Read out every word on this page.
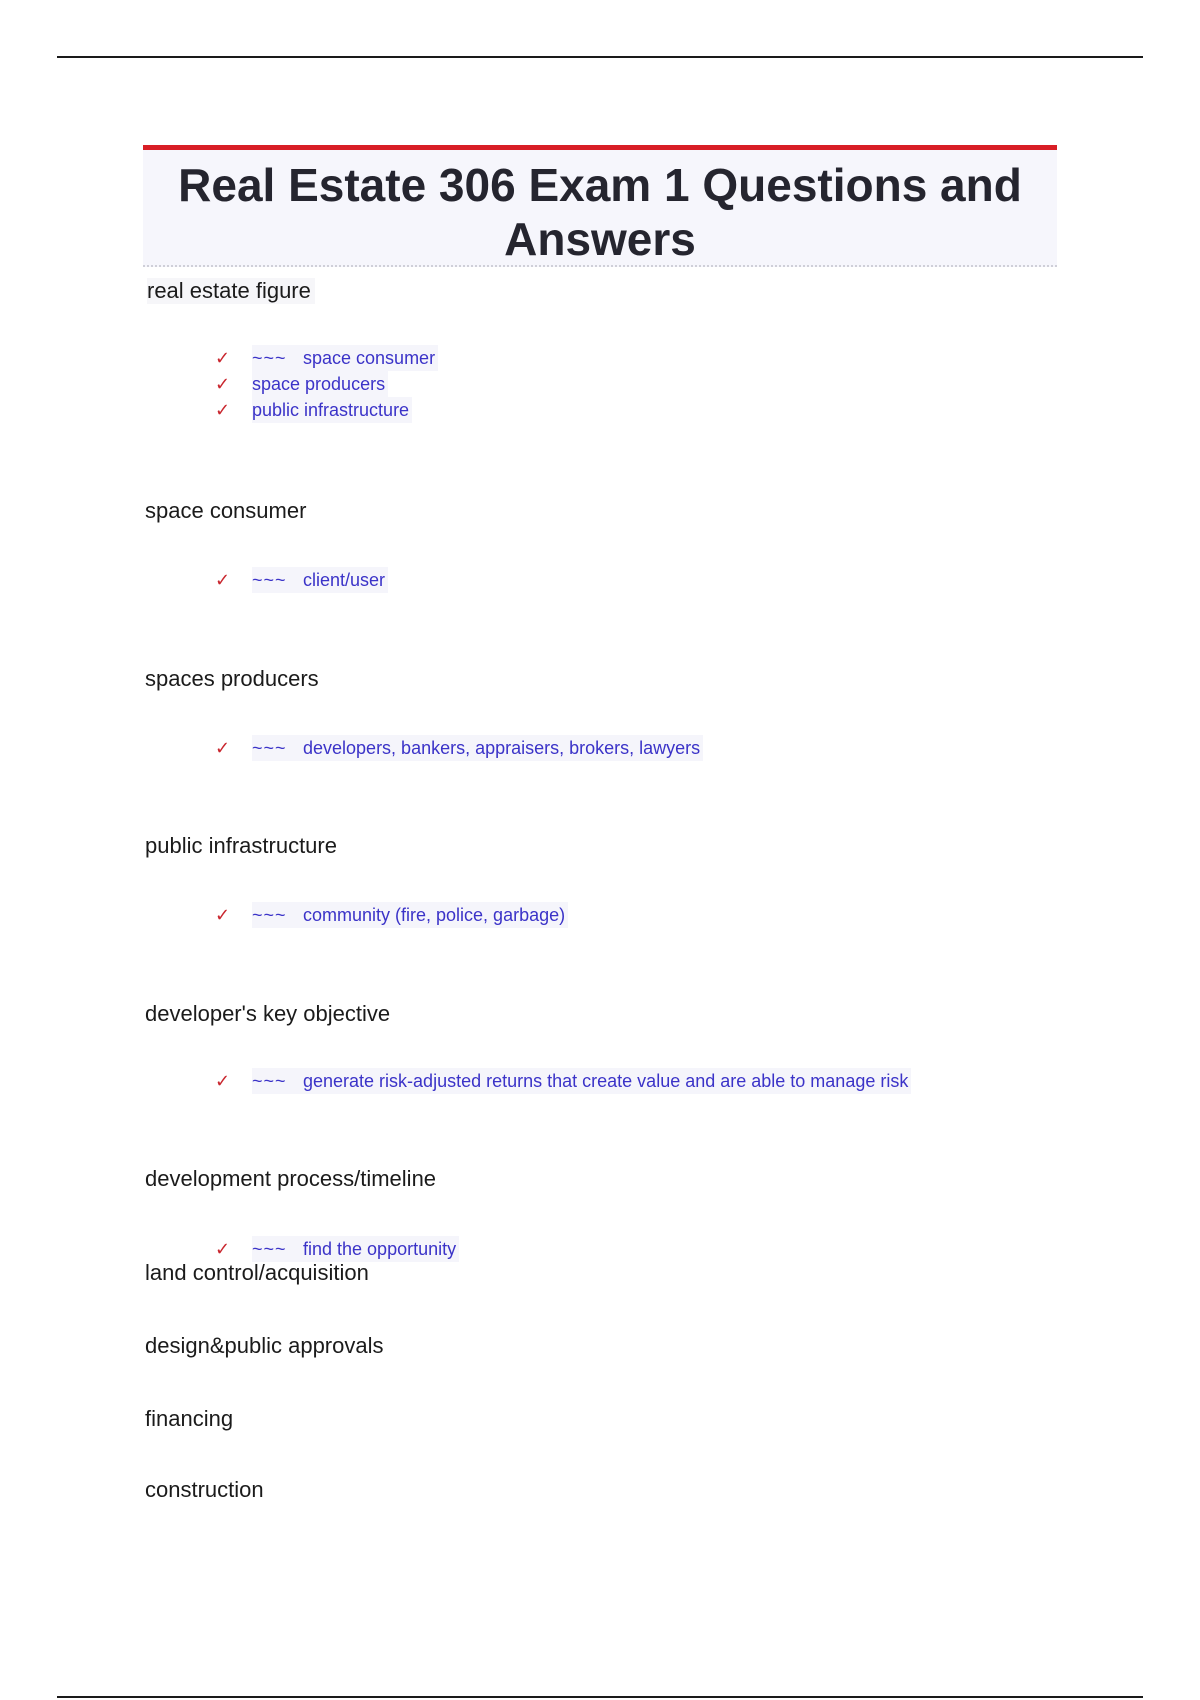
Real Estate 306 Exam 1 Questions and Answers
real estate figure
✓ ~~~ space consumer
✓ space producers
✓ public infrastructure
space consumer
✓ ~~~ client/user
spaces producers
✓ ~~~ developers, bankers, appraisers, brokers, lawyers
public infrastructure
✓ ~~~ community (fire, police, garbage)
developer's key objective
✓ ~~~ generate risk-adjusted returns that create value and are able to manage risk
development process/timeline
✓ ~~~ find the opportunity
land control/acquisition
design&public approvals
financing
construction
